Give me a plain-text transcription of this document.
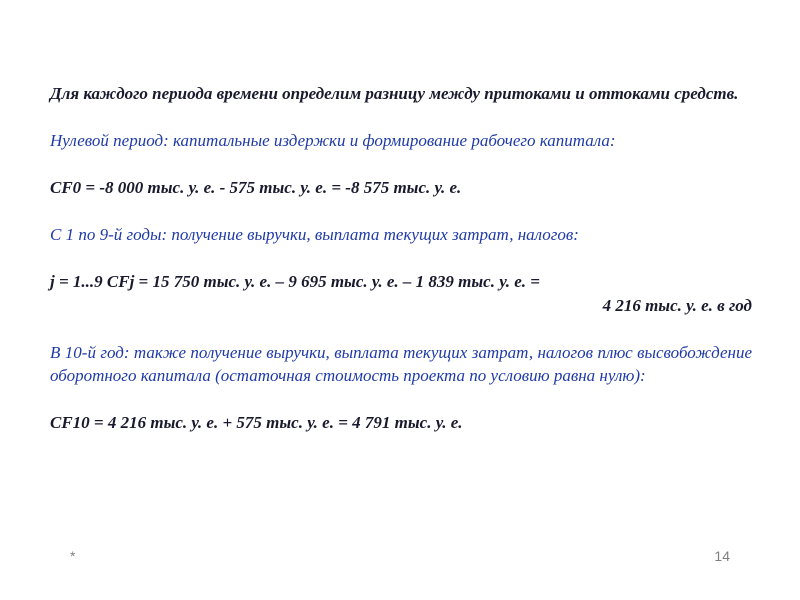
Для каждого периода времени определим разницу между притоками и оттоками средств.

Нулевой период: капитальные издержки и формирование рабочего капитала:

CF0 = -8 000 тыс. у. е. - 575 тыс. у. е. = -8 575 тыс. у. е.

С 1 по 9-й годы: получение выручки, выплата текущих затрат, налогов:

j = 1...9 CFj = 15 750 тыс. у. е. – 9 695 тыс. у. е. – 1 839 тыс. у. е. =

4 216 тыс. у. е. в год

В 10-й год: также получение выручки, выплата текущих затрат, налогов плюс высвобождение оборотного капитала (остаточная стоимость проекта по условию равна нулю):

CF10 = 4 216 тыс. у. е. + 575 тыс. у. е. = 4 791 тыс. у. е.

*	14
